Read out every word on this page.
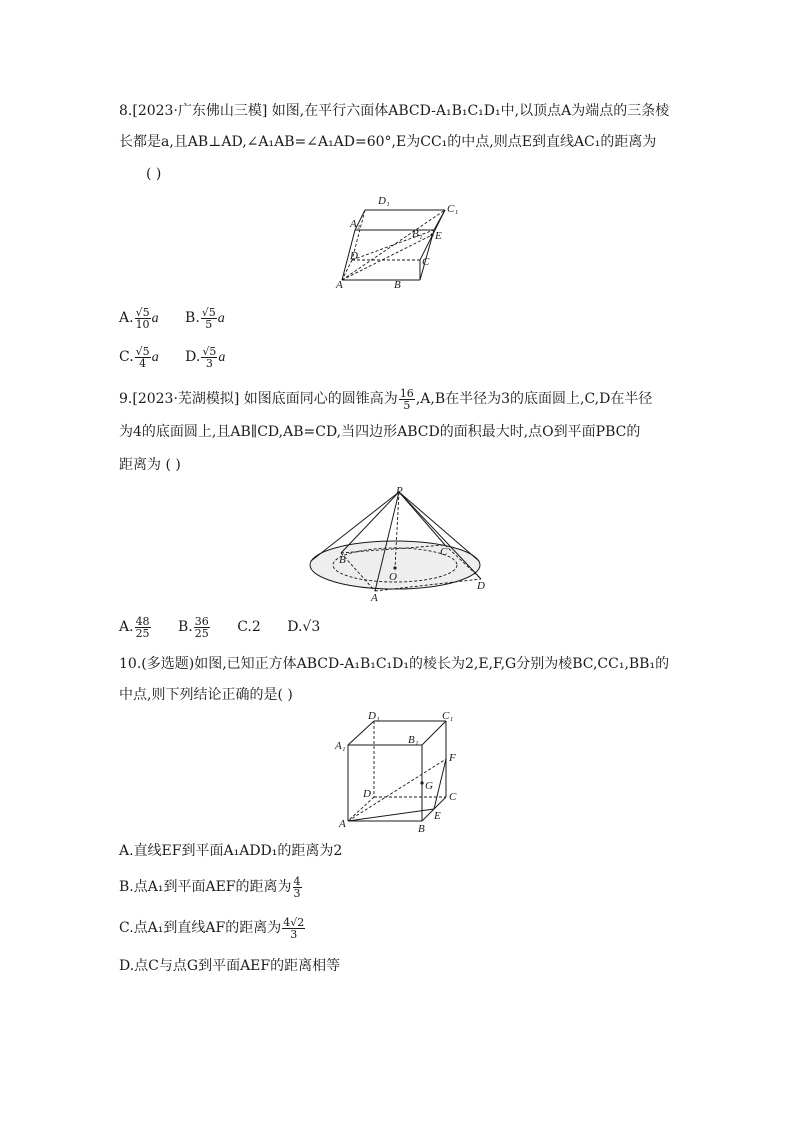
8.[2023·广东佛山三模] 如图,在平行六面体ABCD-A₁B₁C₁D₁中,以顶点A为端点的三条棱
长都是a,且AB⊥AD,∠A₁AB=∠A₁AD=60°,E为CC₁的中点,则点E到直线AC₁的距离为
( )
D₁
C₁
A₁
B₁ E
D	C
A	B
A. $\frac{√5}{10}$ a B. $\frac{√5}{5}$ a
C. $\frac{√5}{4}$ a D. $\frac{√5}{3}$ a
9.[2023·芜湖模拟] 如图底面同心的圆锥高为 $\frac{16}{5} ,A,B$在半径为3的底面圆上,C,D在半径
为4的底面圆上,且AB∥CD,AB=CD,当四边形ABCD的面积最大时,点O到平面PBC的
距离为 ( )
P
B
C
O
A
D
A. $\frac{48}{25} B$. $\frac{36}{25} C.2$ D.√3
10.(多选题)如图,已知正方体ABCD-A₁B₁C₁D₁的棱长为2,E,F,G分别为棱BC,CC₁,BB₁的
中点,则下列结论正确的是( )
D₁	C₁
A₁	B₁
F
G
D	C
A	B
E
A.直线EF到平面A₁ADD₁的距离为2
B.点A₁到平面AEF的距离为 $\frac{4}{3}$
C.点A₁到直线AF的距离为 $\frac{4√2}{3}$
D.点C与点G到平面AEF的距离相等
